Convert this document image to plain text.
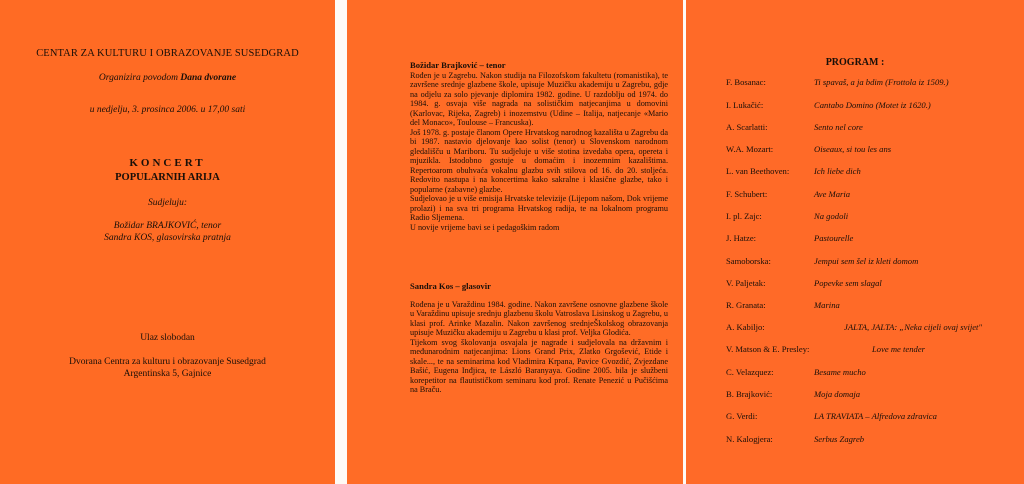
CENTAR ZA KULTURU I OBRAZOVANJE SUSEDGRAD
Organizira povodom Dana dvorane
u nedjelju, 3. prosinca 2006. u 17,00 sati
KONCERT
POPULARNIH ARIJA
Sudjeluju:
Božidar BRAJKOVIĆ, tenor
Sandra KOS, glasovirska pratnja
Ulaz slobodan
Dvorana Centra za kulturu i obrazovanje Susedgrad
Argentinska 5, Gajnice
Božidar Brajković – tenor

Rođen je u Zagrebu. Nakon studija na Filozofskom fakultetu (romanistika), te završene srednje glazbene škole, upisuje Muzičku akademiju u Zagrebu, gdje na odjelu za solo pjevanje diplomira 1982. godine. U razdoblju od 1974. do 1984. g. osvaja više nagrada na solističkim natjecanjima u domovini (Karlovac, Rijeka, Zagreb) i inozemstvu (Udine – Italija, natjecanje «Mario del Monaco», Toulouse – Francuska).

Još 1978. g. postaje članom Opere Hrvatskog narodnog kazališta u Zagrebu da bi 1987. nastavio djelovanje kao solist (tenor) u Slovenskom narodnom gledališču u Mariboru. Tu sudjeluje u više stotina izvedaba opera, opereta i mjuzikla. Istodobno gostuje u domaćim i inozemnim kazalištima. Repertoarom obuhvaća vokalnu glazbu svih stilova od 16. do 20. stoljeća. Redovito nastupa i na koncertima kako sakralne i klasične glazbe, tako i popularne (zabavne) glazbe.

Sudjelovao je u više emisija Hrvatske televizije (Lijepom našom, Dok vrijeme prolazi) i na sva tri programa Hrvatskog radija, te na lokalnom programu Radio Sljemena.

U novije vrijeme bavi se i pedagoškim radom

Sandra Kos – glasovir

Rođena je u Varaždinu 1984. godine. Nakon završene osnovne glazbene škole u Varaždinu upisuje srednju glazbenu školu Vatroslava Lisinskog u Zagrebu, u klasi prof. Arinke Mazalin. Nakon završenog srednjeŠkolskog obrazovanja upisuje Muzičku akademiju u Zagrebu u klasi prof. Veljka Glodića.

Tijekom svog školovanja osvajala je nagrade i sudjelovala na državnim i međunarodnim natjecanjima: Lions Grand Prix, Zlatko Grgošević, Etide i skale..., te na seminarima kod Vladimira Krpana, Pavice Gvozdić, Zvjezdane Bašić, Eugena Inđjica, te László Baranyaya. Godine 2005. bila je službeni korepetitor na flautističkom seminaru kod prof. Renate Penezić u Pučišćima na Braču.

PROGRAM :
F. Bosanac:	Ti spavaš, a ja bdim (Frottola iz 1509.)
I. Lukačić:	Cantabo Domino (Motet iz 1620.)
A. Scarlatti:	Sento nel core
W.A. Mozart:	Oiseaux, si tou les ans
L. van Beethoven:	Ich liebe dich
F. Schubert:	Ave Maria
I. pl. Zajc:	Na godoli
J. Hatze:	Pastourelle
Samoborska:	Jempui sem šel iz kleti domom
V. Paljetak:	Popevke sem slagal
R. Granata:	Marina
A. Kabiljo:	JALTA, JALTA: „Neka cijeli ovaj svijet"
V. Matson & E. Presley:	Love me tender
C. Velazquez:	Besame mucho
B. Brajković:	Moja domaja
G. Verdi:	LA TRAVIATA – Alfredova zdravica
N. Kalogjera:	Serbus Zagreb
